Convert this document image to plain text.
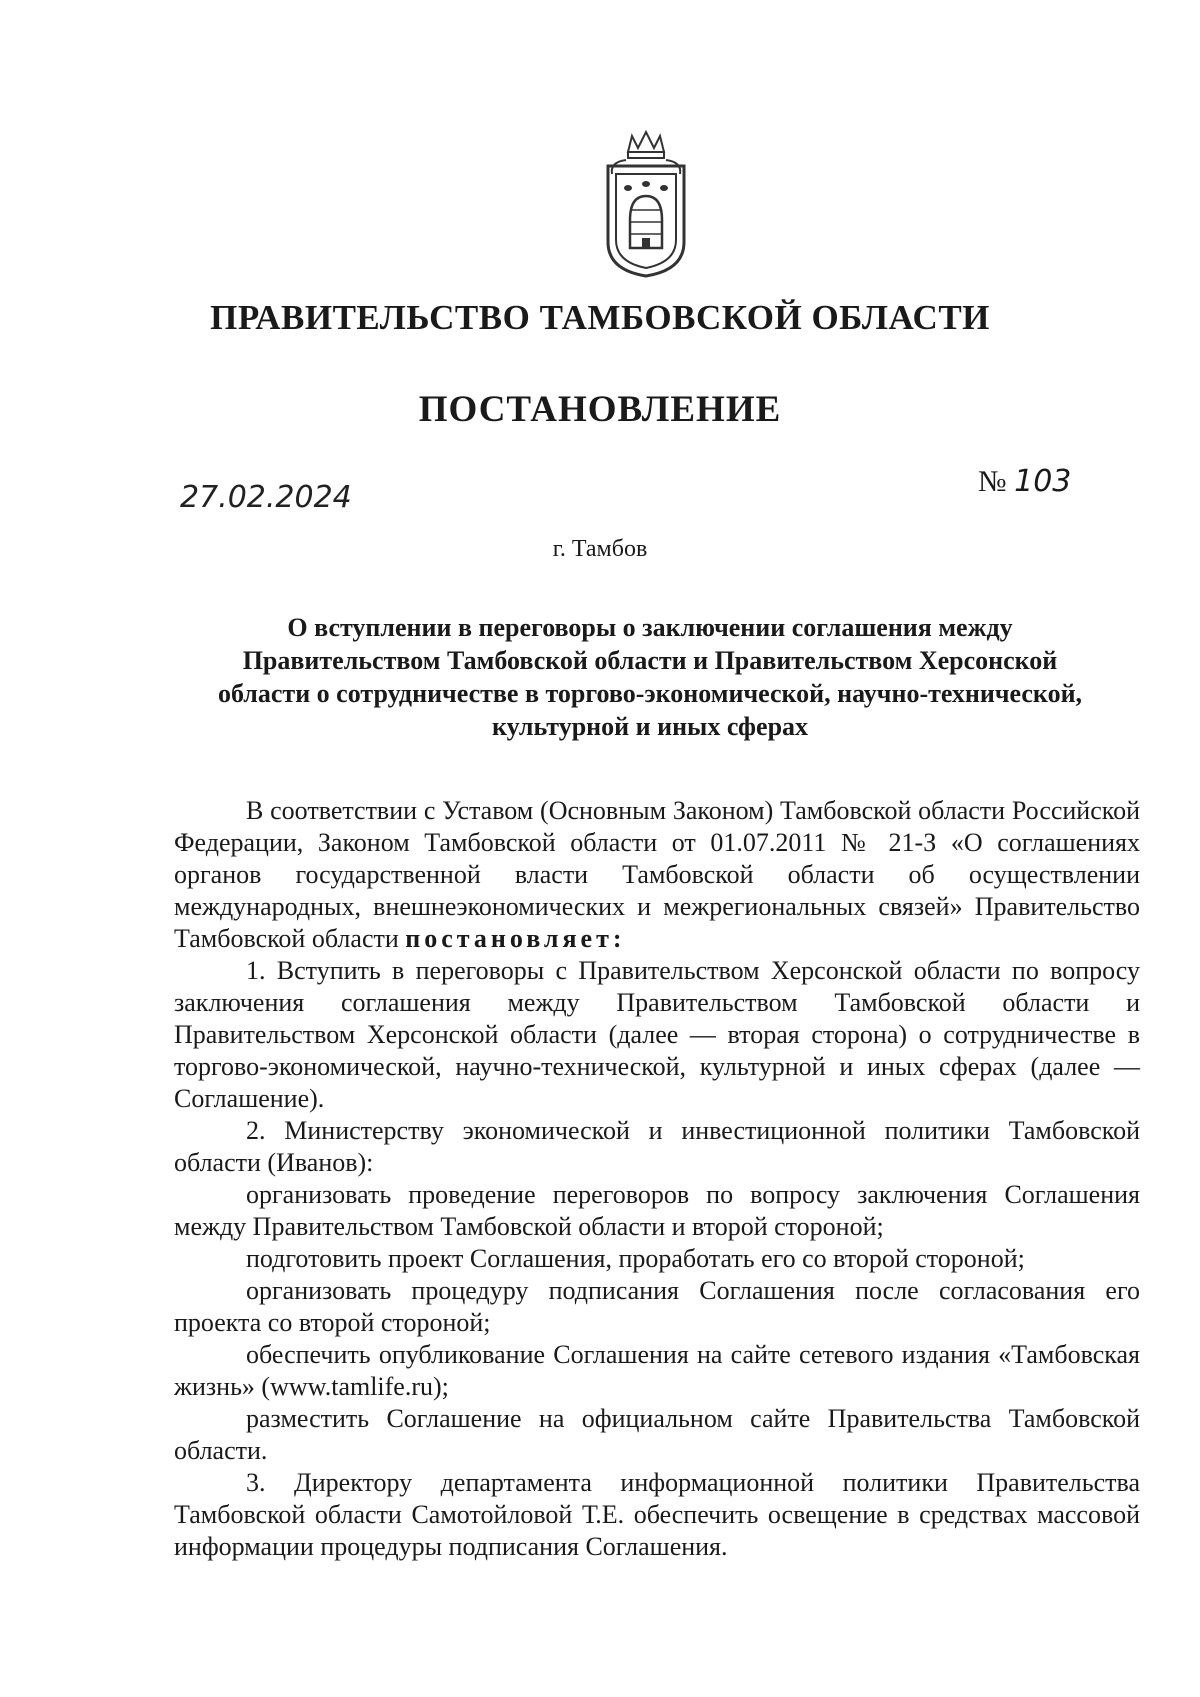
ПРАВИТЕЛЬСТВО ТАМБОВСКОЙ ОБЛАСТИ
ПОСТАНОВЛЕНИЕ
27.02.2024	№ 103
г. Тамбов
О вступлении в переговоры о заключении соглашения между
Правительством Тамбовской области и Правительством Херсонской
области о сотрудничестве в торгово-экономической, научно-технической,
культурной и иных сферах

В соответствии с Уставом (Основным Законом) Тамбовской области Российской Федерации, Законом Тамбовской области от 01.07.2011 № 21-З «О соглашениях органов государственной власти Тамбовской области об осуществлении международных, внешнеэкономических и межрегиональных связей» Правительство Тамбовской области постановляет:

1. Вступить в переговоры с Правительством Херсонской области по вопросу заключения соглашения между Правительством Тамбовской области и Правительством Херсонской области (далее — вторая сторона) о сотрудничестве в торгово-экономической, научно-технической, культурной и иных сферах (далее — Соглашение).

2. Министерству экономической и инвестиционной политики Тамбовской области (Иванов):

организовать проведение переговоров по вопросу заключения Соглашения между Правительством Тамбовской области и второй стороной;

подготовить проект Соглашения, проработать его со второй стороной;

организовать процедуру подписания Соглашения после согласования его проекта со второй стороной;

обеспечить опубликование Соглашения на сайте сетевого издания «Тамбовская жизнь» (www.tamlife.ru);

разместить Соглашение на официальном сайте Правительства Тамбовской области.

3. Директору департамента информационной политики Правительства Тамбовской области Самотойловой Т.Е. обеспечить освещение в средствах массовой информации процедуры подписания Соглашения.
